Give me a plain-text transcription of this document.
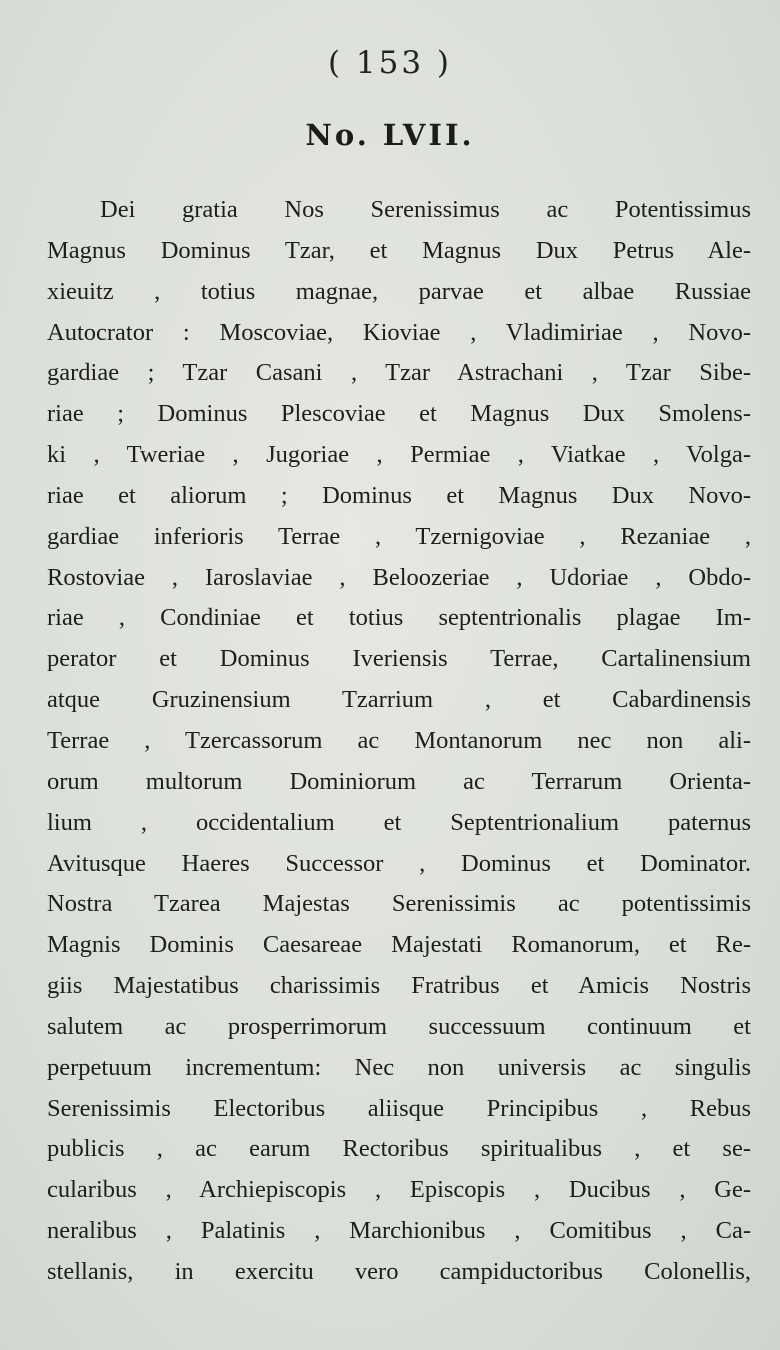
( 153 )
No. LVII.
Dei gratia Nos Serenissimus ac Potentissimus
Magnus Dominus Tzar, et Magnus Dux Petrus Ale-
xieuitz , totius magnae, parvae et albae Russiae
Autocrator : Moscoviae, Kioviae , Vladimiriae , Novo-
gardiae ; Tzar Casani , Tzar Astrachani , Tzar Sibe-
riae ; Dominus Plescoviae et Magnus Dux Smolens-
ki , Tweriae , Jugoriae , Permiae , Viatkae , Volga-
riae et aliorum ; Dominus et Magnus Dux Novo-
gardiae inferioris Terrae , Tzernigoviae , Rezaniae ,
Rostoviae , Iaroslaviae , Beloozeriae , Udoriae , Obdo-
riae , Condiniae et totius septentrionalis plagae Im-
perator et Dominus Iveriensis Terrae, Cartalinensium
atque Gruzinensium Tzarrium , et Cabardinensis
Terrae , Tzercassorum ac Montanorum nec non ali-
orum multorum Dominiorum ac Terrarum Orienta-
lium , occidentalium et Septentrionalium paternus
Avitusque Haeres Successor , Dominus et Dominator.
Nostra Tzarea Majestas Serenissimis ac potentissimis
Magnis Dominis Caesareae Majestati Romanorum, et Re-
giis Majestatibus charissimis Fratribus et Amicis Nostris
salutem ac prosperrimorum successuum continuum et
perpetuum incrementum: Nec non universis ac singulis
Serenissimis Electoribus aliisque Principibus , Rebus
publicis , ac earum Rectoribus spiritualibus , et se-
cularibus , Archiepiscopis , Episcopis , Ducibus , Ge-
neralibus , Palatinis , Marchionibus , Comitibus , Ca-
stellanis, in exercitu vero campiductoribus Colonellis,
